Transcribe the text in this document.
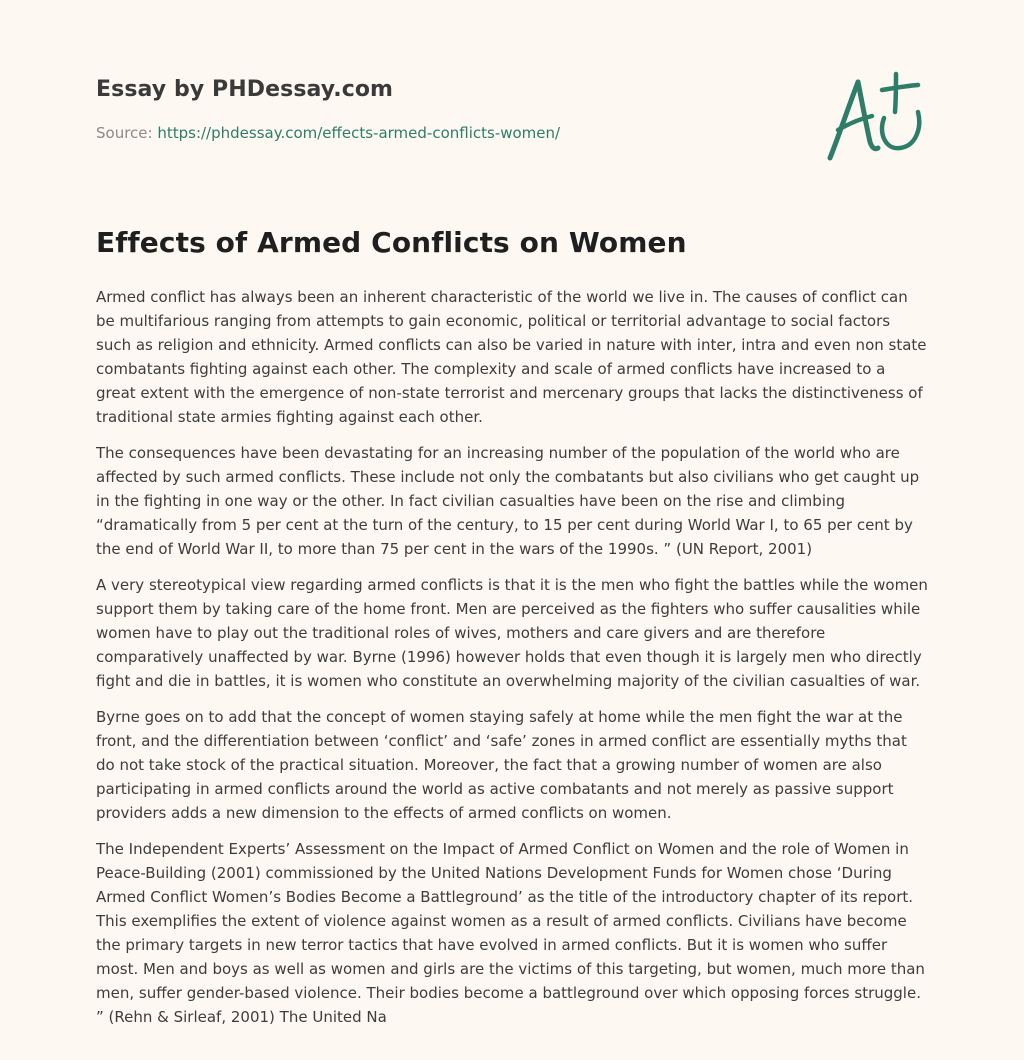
Essay by PHDessay.com
Source: https://phdessay.com/effects-armed-conflicts-women/
Effects of Armed Conflicts on Women

Armed conflict has always been an inherent characteristic of the world we live in. The causes of conflict can be multifarious ranging from attempts to gain economic, political or territorial advantage to social factors such as religion and ethnicity. Armed conflicts can also be varied in nature with inter, intra and even non state combatants fighting against each other. The complexity and scale of armed conflicts have increased to a great extent with the emergence of non-state terrorist and mercenary groups that lacks the distinctiveness of traditional state armies fighting against each other.

The consequences have been devastating for an increasing number of the population of the world who are affected by such armed conflicts. These include not only the combatants but also civilians who get caught up in the fighting in one way or the other. In fact civilian casualties have been on the rise and climbing “dramatically from 5 per cent at the turn of the century, to 15 per cent during World War I, to 65 per cent by the end of World War II, to more than 75 per cent in the wars of the 1990s. ” (UN Report, 2001)

A very stereotypical view regarding armed conflicts is that it is the men who fight the battles while the women support them by taking care of the home front. Men are perceived as the fighters who suffer causalities while women have to play out the traditional roles of wives, mothers and care givers and are therefore comparatively unaffected by war. Byrne (1996) however holds that even though it is largely men who directly fight and die in battles, it is women who constitute an overwhelming majority of the civilian casualties of war.

Byrne goes on to add that the concept of women staying safely at home while the men fight the war at the front, and the differentiation between ‘conflict’ and ‘safe’ zones in armed conflict are essentially myths that do not take stock of the practical situation. Moreover, the fact that a growing number of women are also participating in armed conflicts around the world as active combatants and not merely as passive support providers adds a new dimension to the effects of armed conflicts on women.

The Independent Experts’ Assessment on the Impact of Armed Conflict on Women and the role of Women in Peace-Building (2001) commissioned by the United Nations Development Funds for Women chose ‘During Armed Conflict Women’s Bodies Become a Battleground’ as the title of the introductory chapter of its report. This exemplifies the extent of violence against women as a result of armed conflicts. Civilians have become the primary targets in new terror tactics that have evolved in armed conflicts. But it is women who suffer most. Men and boys as well as women and girls are the victims of this targeting, but women, much more than men, suffer gender-based violence. Their bodies become a battleground over which opposing forces struggle. ” (Rehn & Sirleaf, 2001) The United Na
